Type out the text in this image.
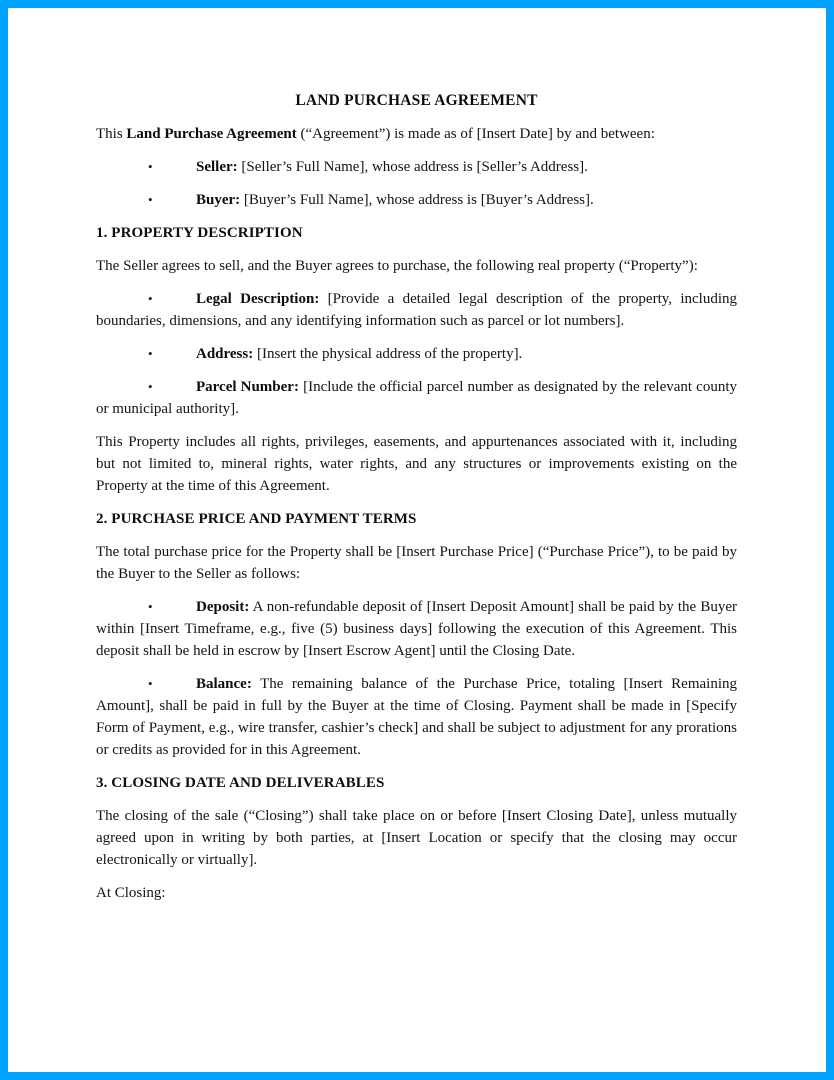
LAND PURCHASE AGREEMENT

This Land Purchase Agreement (“Agreement”) is made as of [Insert Date] by and between:

•	Seller: [Seller’s Full Name], whose address is [Seller’s Address].
•	Buyer: [Buyer’s Full Name], whose address is [Buyer’s Address].
1. PROPERTY DESCRIPTION

The Seller agrees to sell, and the Buyer agrees to purchase, the following real property (“Property”):

•	Legal Description: [Provide a detailed legal description of the property, including boundaries, dimensions, and any identifying information such as parcel or lot numbers].
•	Address: [Insert the physical address of the property].
•	Parcel Number: [Include the official parcel number as designated by the relevant county or municipal authority].

This Property includes all rights, privileges, easements, and appurtenances associated with it, including but not limited to, mineral rights, water rights, and any structures or improvements existing on the Property at the time of this Agreement.

2. PURCHASE PRICE AND PAYMENT TERMS

The total purchase price for the Property shall be [Insert Purchase Price] (“Purchase Price”), to be paid by the Buyer to the Seller as follows:

•	Deposit: A non-refundable deposit of [Insert Deposit Amount] shall be paid by the Buyer within [Insert Timeframe, e.g., five (5) business days] following the execution of this Agreement. This deposit shall be held in escrow by [Insert Escrow Agent] until the Closing Date.
•	Balance: The remaining balance of the Purchase Price, totaling [Insert Remaining Amount], shall be paid in full by the Buyer at the time of Closing. Payment shall be made in [Specify Form of Payment, e.g., wire transfer, cashier’s check] and shall be subject to adjustment for any prorations or credits as provided for in this Agreement.
3. CLOSING DATE AND DELIVERABLES

The closing of the sale (“Closing”) shall take place on or before [Insert Closing Date], unless mutually agreed upon in writing by both parties, at [Insert Location or specify that the closing may occur electronically or virtually].

At Closing:
